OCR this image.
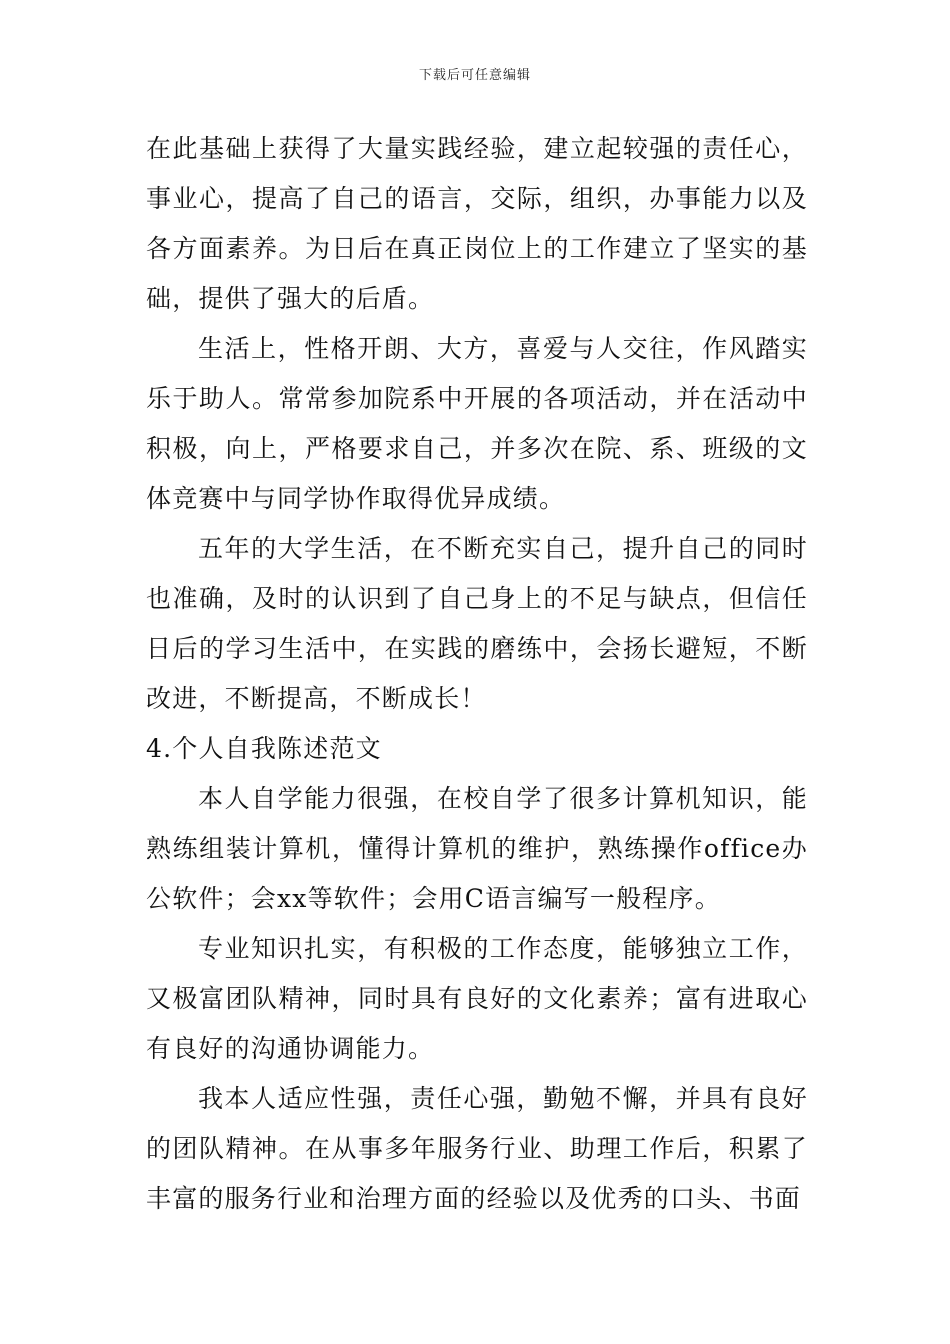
下载后可任意编辑

在此基础上获得了大量实践经验，建立起较强的责任心，事业心，提高了自己的语言，交际，组织，办事能力以及各方面素养。为日后在真正岗位上的工作建立了坚实的基础，提供了强大的后盾。

生活上，性格开朗、大方，喜爱与人交往，作风踏实乐于助人。常常参加院系中开展的各项活动，并在活动中积极，向上，严格要求自己，并多次在院、系、班级的文体竞赛中与同学协作取得优异成绩。

五年的大学生活，在不断充实自己，提升自己的同时也准确，及时的认识到了自己身上的不足与缺点，但信任日后的学习生活中，在实践的磨练中，会扬长避短，不断改进，不断提高，不断成长！

4.个人自我陈述范文

本人自学能力很强，在校自学了很多计算机知识，能熟练组装计算机，懂得计算机的维护，熟练操作office办公软件；会xx等软件；会用C语言编写一般程序。

专业知识扎实，有积极的工作态度，能够独立工作，又极富团队精神，同时具有良好的文化素养；富有进取心有良好的沟通协调能力。

我本人适应性强，责任心强，勤勉不懈，并具有良好的团队精神。在从事多年服务行业、助理工作后，积累了丰富的服务行业和治理方面的经验以及优秀的口头、书面
